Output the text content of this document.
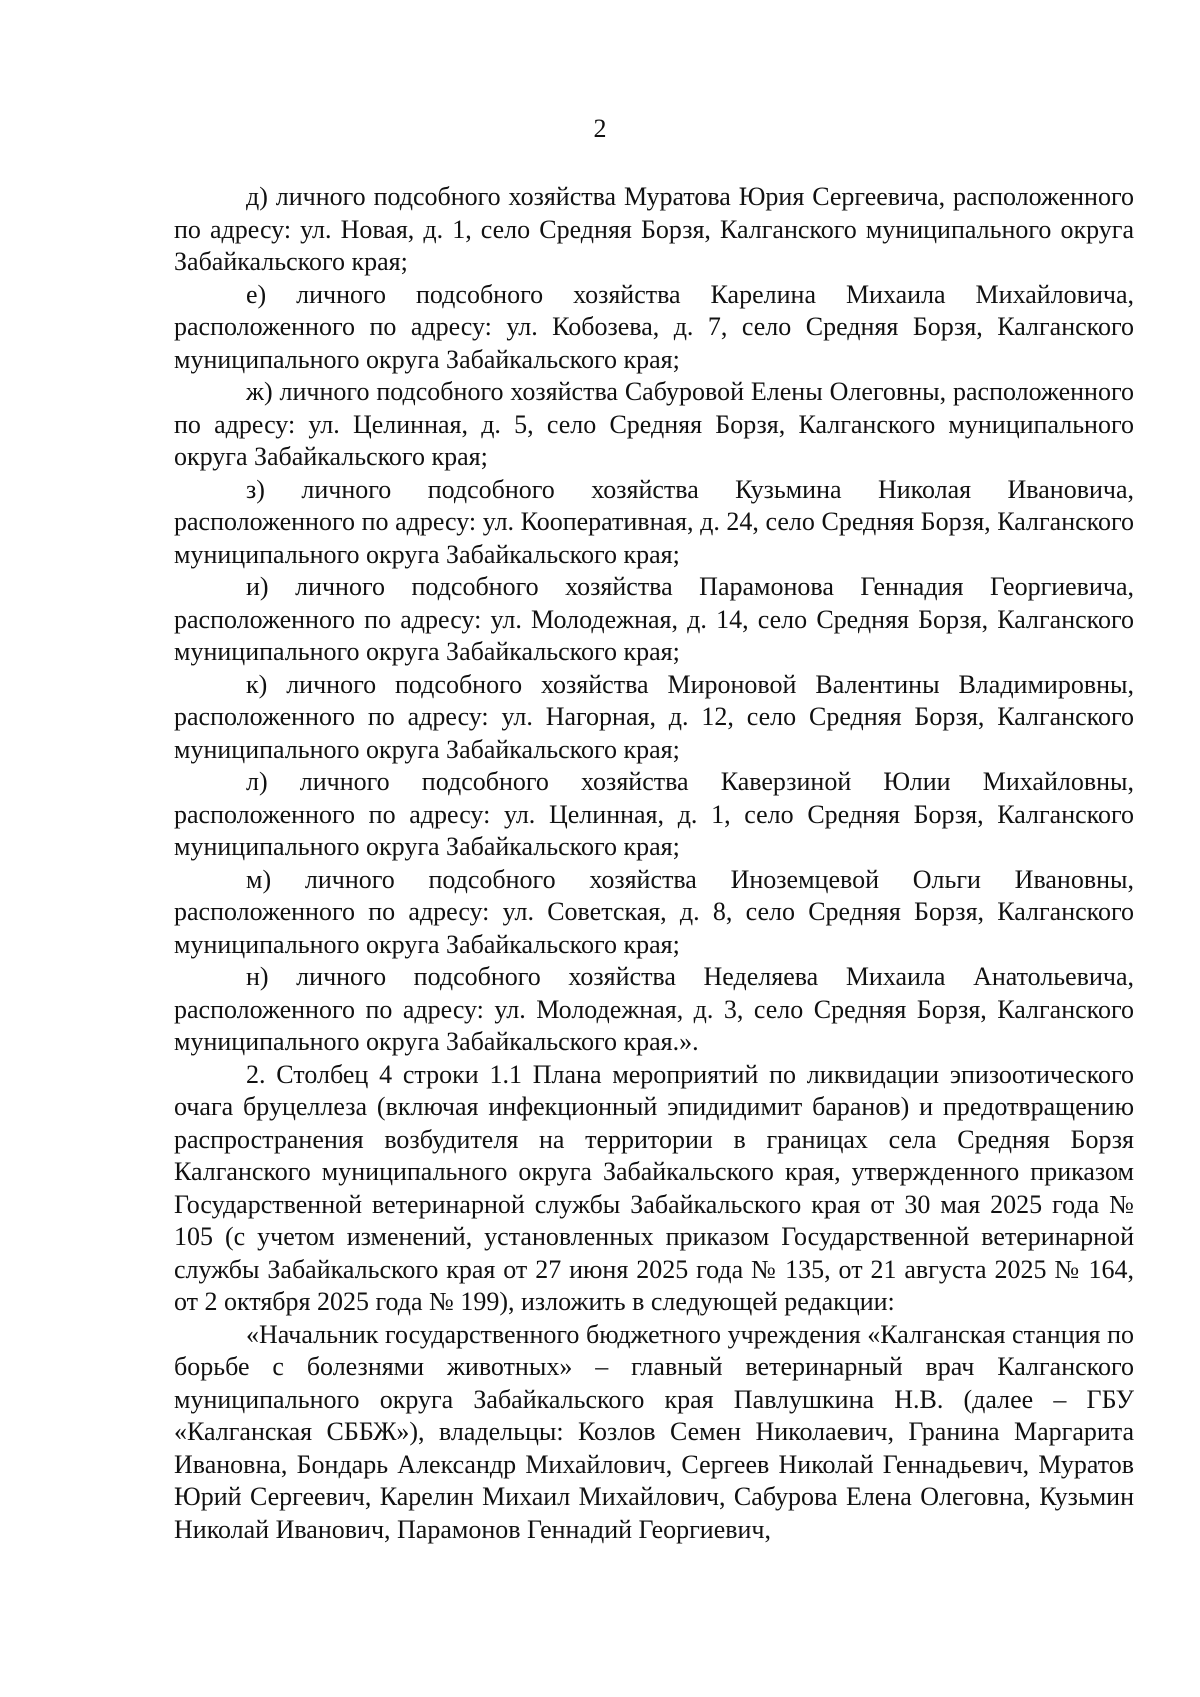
2

д) личного подсобного хозяйства Муратова Юрия Сергеевича, расположенного по адресу: ул. Новая, д. 1, село Средняя Борзя, Калганского муниципального округа Забайкальского края;

е) личного подсобного хозяйства Карелина Михаила Михайловича, расположенного по адресу: ул. Кобозева, д. 7, село Средняя Борзя, Калганского муниципального округа Забайкальского края;

ж) личного подсобного хозяйства Сабуровой Елены Олеговны, расположенного по адресу: ул. Целинная, д. 5, село Средняя Борзя, Калганского муниципального округа Забайкальского края;

з) личного подсобного хозяйства Кузьмина Николая Ивановича, расположенного по адресу: ул. Кооперативная, д. 24, село Средняя Борзя, Калганского муниципального округа Забайкальского края;

и) личного подсобного хозяйства Парамонова Геннадия Георгиевича, расположенного по адресу: ул. Молодежная, д. 14, село Средняя Борзя, Калганского муниципального округа Забайкальского края;

к) личного подсобного хозяйства Мироновой Валентины Владимировны, расположенного по адресу: ул. Нагорная, д. 12, село Средняя Борзя, Калганского муниципального округа Забайкальского края;

л) личного подсобного хозяйства Каверзиной Юлии Михайловны, расположенного по адресу: ул. Целинная, д. 1, село Средняя Борзя, Калганского муниципального округа Забайкальского края;

м) личного подсобного хозяйства Иноземцевой Ольги Ивановны, расположенного по адресу: ул. Советская, д. 8, село Средняя Борзя, Калганского муниципального округа Забайкальского края;

н) личного подсобного хозяйства Неделяева Михаила Анатольевича, расположенного по адресу: ул. Молодежная, д. 3, село Средняя Борзя, Калганского муниципального округа Забайкальского края.».

2. Столбец 4 строки 1.1 Плана мероприятий по ликвидации эпизоотического очага бруцеллеза (включая инфекционный эпидидимит баранов) и предотвращению распространения возбудителя на территории в границах села Средняя Борзя Калганского муниципального округа Забайкальского края, утвержденного приказом Государственной ветеринарной службы Забайкальского края от 30 мая 2025 года № 105 (с учетом изменений, установленных приказом Государственной ветеринарной службы Забайкальского края от 27 июня 2025 года № 135, от 21 августа 2025 № 164, от 2 октября 2025 года № 199), изложить в следующей редакции:

«Начальник государственного бюджетного учреждения «Калганская станция по борьбе с болезнями животных» – главный ветеринарный врач Калганского муниципального округа Забайкальского края Павлушкина Н.В. (далее – ГБУ «Калганская СББЖ»), владельцы: Козлов Семен Николаевич, Гранина Маргарита Ивановна, Бондарь Александр Михайлович, Сергеев Николай Геннадьевич, Муратов Юрий Сергеевич, Карелин Михаил Михайлович, Сабурова Елена Олеговна, Кузьмин Николай Иванович, Парамонов Геннадий Георгиевич,
